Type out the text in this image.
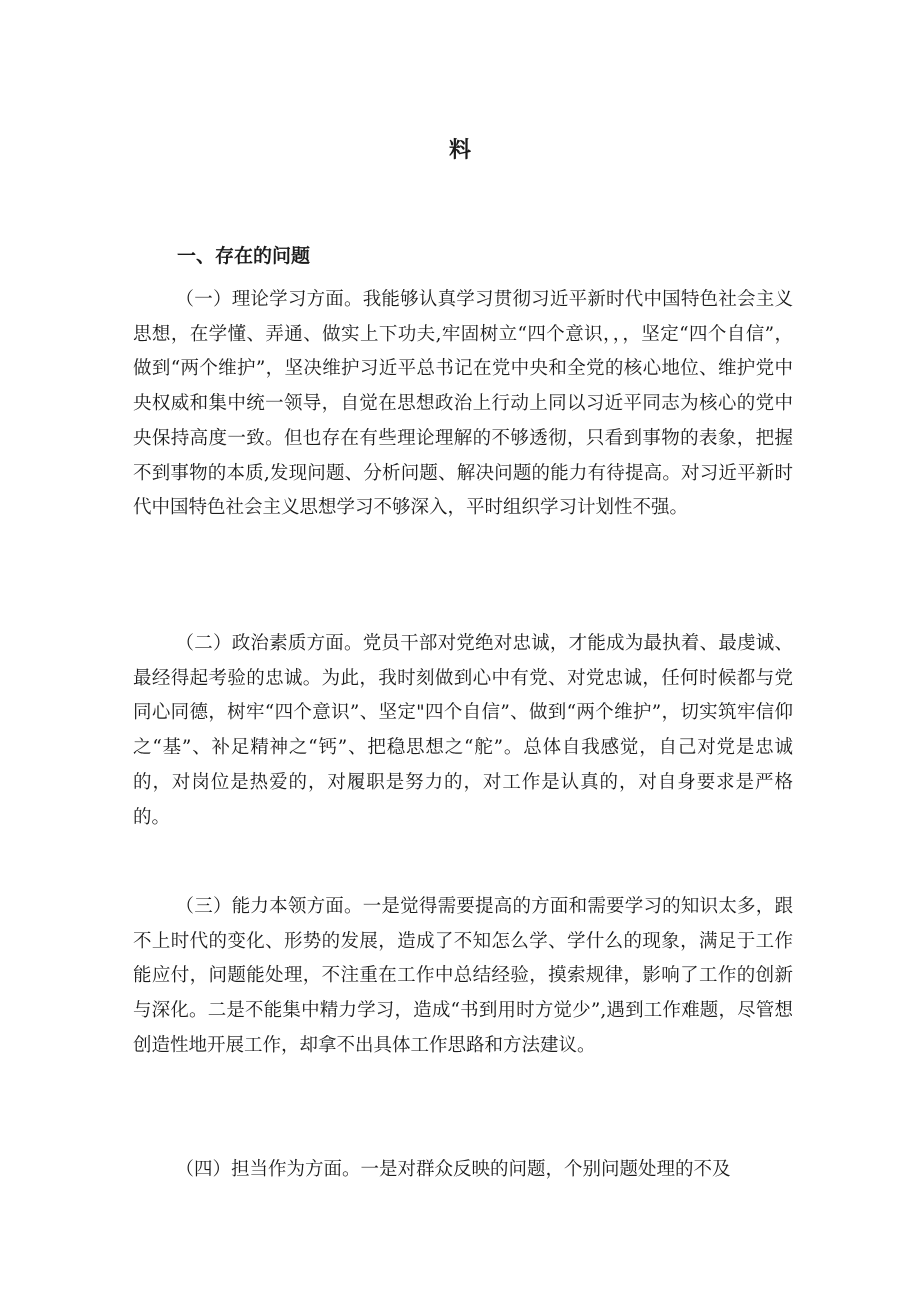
料
一、存在的问题

（一）理论学习方面。我能够认真学习贯彻习近平新时代中国特色社会主义思想，在学懂、弄通、做实上下功夫,牢固树立“四个意识，，，坚定“四个自信”，做到“两个维护”，坚决维护习近平总书记在党中央和全党的核心地位、维护党中央权威和集中统一领导，自觉在思想政治上行动上同以习近平同志为核心的党中央保持高度一致。但也存在有些理论理解的不够透彻，只看到事物的表象，把握不到事物的本质,发现问题、分析问题、解决问题的能力有待提高。对习近平新时代中国特色社会主义思想学习不够深入，平时组织学习计划性不强。

（二）政治素质方面。党员干部对党绝对忠诚，才能成为最执着、最虔诚、最经得起考验的忠诚。为此，我时刻做到心中有党、对党忠诚，任何时候都与党同心同德，树牢“四个意识”、坚定"四个自信”、做到“两个维护”，切实筑牢信仰之“基”、补足精神之“钙”、把稳思想之“舵”。总体自我感觉，自己对党是忠诚的，对岗位是热爱的，对履职是努力的，对工作是认真的，对自身要求是严格的。

（三）能力本领方面。一是觉得需要提高的方面和需要学习的知识太多，跟不上时代的变化、形势的发展，造成了不知怎么学、学什么的现象，满足于工作能应付，问题能处理，不注重在工作中总结经验，摸索规律，影响了工作的创新与深化。二是不能集中精力学习，造成“书到用时方觉少”,遇到工作难题，尽管想创造性地开展工作，却拿不出具体工作思路和方法建议。

（四）担当作为方面。一是对群众反映的问题，个别问题处理的不及
